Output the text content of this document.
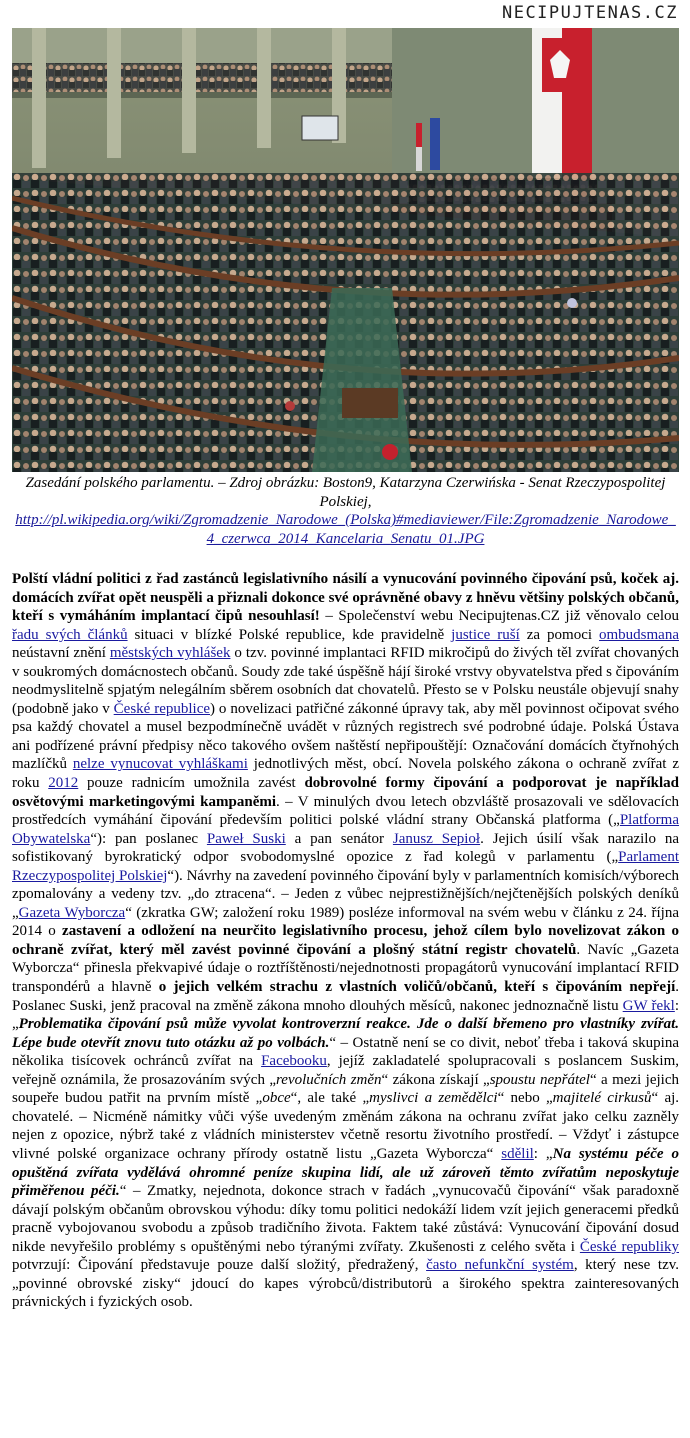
NECIPUJTENAS.CZ
Zasedání polského parlamentu. – Zdroj obrázku: Boston9, Katarzyna Czerwińska - Senat Rzeczypospolitej Polskiej,
http://pl.wikipedia.org/wiki/Zgromadzenie_Narodowe_(Polska)#mediaviewer/File:Zgromadzenie_Narodowe_4_czerwca_2014_Kancelaria_Senatu_01.JPG
Polští vládní politici z řad zastánců legislativního násilí a vynucování povinného čipování psů, koček aj. domácích zvířat opět neuspěli a přiznali dokonce své oprávněné obavy z hněvu většiny polských občanů, kteří s vymáháním implantací čipů nesouhlasí! – Společenství webu Necipujtenas.CZ již věnovalo celou řadu svých článků situaci v blízké Polské republice, kde pravidelně justice ruší za pomoci ombudsmana neústavní znění městských vyhlášek o tzv. povinné implantaci RFID mikročipů do živých těl zvířat chovaných v soukromých domácnostech občanů. Soudy zde také úspěšně hájí široké vrstvy obyvatelstva před s čipováním neodmyslitelně spjatým nelegálním sběrem osobních dat chovatelů. Přesto se v Polsku neustále objevují snahy (podobně jako v České republice) o novelizaci patřičné zákonné úpravy tak, aby měl povinnost očipovat svého psa každý chovatel a musel bezpodmínečně uvádět v různých registrech své podrobné údaje. Polská Ústava ani podřízené právní předpisy něco takového ovšem naštěstí nepřipouštějí: Označování domácích čtyřnohých mazlíčků nelze vynucovat vyhláškami jednotlivých měst, obcí. Novela polského zákona o ochraně zvířat z roku 2012 pouze radnicím umožnila zavést dobrovolné formy čipování a podporovat je například osvětovými marketingovými kampaněmi. – V minulých dvou letech obzvláště prosazovali ve sdělovacích prostředcích vymáhání čipování především politici polské vládní strany Občanská platforma („Platforma Obywatelska“): pan poslanec Paweł Suski a pan senátor Janusz Sepioł. Jejich úsilí však narazilo na sofistikovaný byrokratický odpor svobodomyslné opozice z řad kolegů v parlamentu („Parlament Rzeczypospolitej Polskiej“). Návrhy na zavedení povinného čipování byly v parlamentních komisích/výborech zpomalovány a vedeny tzv. „do ztracena“. – Jeden z vůbec nejprestižnějších/nejčtenějších polských deníků „Gazeta Wyborcza“ (zkratka GW; založení roku 1989) posléze informoval na svém webu v článku z 24. října 2014 o zastavení a odložení na neurčito legislativního procesu, jehož cílem bylo novelizovat zákon o ochraně zvířat, který měl zavést povinné čipování a plošný státní registr chovatelů. Navíc „Gazeta Wyborcza“ přinesla překvapivé údaje o roztříštěnosti/nejednotnosti propagátorů vynucování implantací RFID transpondérů a hlavně o jejich velkém strachu z vlastních voličů/občanů, kteří s čipováním nepřejí. Poslanec Suski, jenž pracoval na změně zákona mnoho dlouhých měsíců, nakonec jednoznačně listu GW řekl: „Problematika čipování psů může vyvolat kontroverzní reakce. Jde o další břemeno pro vlastníky zvířat. Lépe bude otevřít znovu tuto otázku až po volbách.“ – Ostatně není se co divit, neboť třeba i taková skupina několika tisícovek ochránců zvířat na Facebooku, jejíž zakladatelé spolupracovali s poslancem Suskim, veřejně oznámila, že prosazováním svých „revolučních změn“ zákona získají „spoustu nepřátel“ a mezi jejich soupeře budou patřit na prvním místě „obce“, ale také „myslivci a zemědělci“ nebo „majitelé cirkusů“ aj. chovatelé. – Nicméně námitky vůči výše uvedeným změnám zákona na ochranu zvířat jako celku zazněly nejen z opozice, nýbrž také z vládních ministerstev včetně resortu životního prostředí. – Vždyť i zástupce vlivné polské organizace ochrany přírody ostatně listu „Gazeta Wyborcza“ sdělil: „Na systému péče o opuštěná zvířata vydělává ohromné peníze skupina lidí, ale už zároveň těmto zvířatům neposkytuje přiměřenou péči.“ – Zmatky, nejednota, dokonce strach v řadách „vynucovačů čipování“ však paradoxně dávají polským občanům obrovskou výhodu: díky tomu politici nedokáží lidem vzít jejich generacemi předků pracně vybojovanou svobodu a způsob tradičního života. Faktem také zůstává: Vynucování čipování dosud nikde nevyřešilo problémy s opuštěnými nebo týranými zvířaty. Zkušenosti z celého světa i České republiky potvrzují: Čipování představuje pouze další složitý, předražený, často nefunkční systém, který nese tzv. „povinné obrovské zisky“ jdoucí do kapes výrobců/distributorů a širokého spektra zainteresovaných právnických i fyzických osob.
